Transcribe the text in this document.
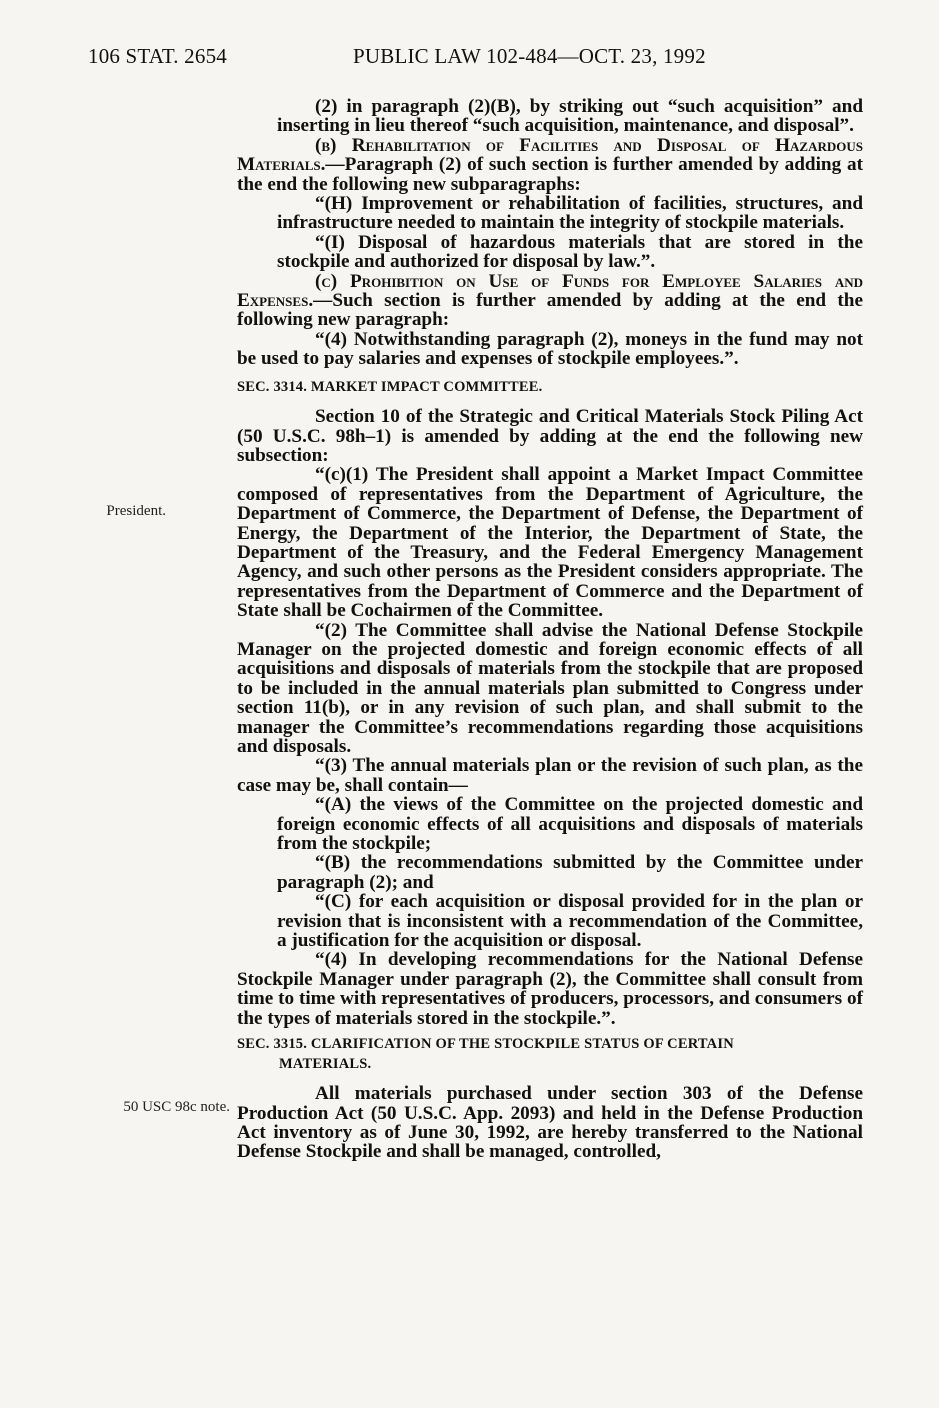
106 STAT. 2654	PUBLIC LAW 102-484—OCT. 23, 1992
President.
50 USC 98c note.

(2) in paragraph (2)(B), by striking out “such acquisition” and inserting in lieu thereof “such acquisition, maintenance, and disposal”.

(b) Rehabilitation of Facilities and Disposal of Hazardous Materials.—Paragraph (2) of such section is further amended by adding at the end the following new subparagraphs:

“(H) Improvement or rehabilitation of facilities, structures, and infrastructure needed to maintain the integrity of stockpile materials.

“(I) Disposal of hazardous materials that are stored in the stockpile and authorized for disposal by law.”.

(c) Prohibition on Use of Funds for Employee Salaries and Expenses.—Such section is further amended by adding at the end the following new paragraph:

“(4) Notwithstanding paragraph (2), moneys in the fund may not be used to pay salaries and expenses of stockpile employees.”.

SEC. 3314. MARKET IMPACT COMMITTEE.

Section 10 of the Strategic and Critical Materials Stock Piling Act (50 U.S.C. 98h–1) is amended by adding at the end the following new subsection:

“(c)(1) The President shall appoint a Market Impact Committee composed of representatives from the Department of Agriculture, the Department of Commerce, the Department of Defense, the Department of Energy, the Department of the Interior, the Department of State, the Department of the Treasury, and the Federal Emergency Management Agency, and such other persons as the President considers appropriate. The representatives from the Department of Commerce and the Department of State shall be Cochairmen of the Committee.

“(2) The Committee shall advise the National Defense Stockpile Manager on the projected domestic and foreign economic effects of all acquisitions and disposals of materials from the stockpile that are proposed to be included in the annual materials plan submitted to Congress under section 11(b), or in any revision of such plan, and shall submit to the manager the Committee’s recommendations regarding those acquisitions and disposals.

“(3) The annual materials plan or the revision of such plan, as the case may be, shall contain—

“(A) the views of the Committee on the projected domestic and foreign economic effects of all acquisitions and disposals of materials from the stockpile;

“(B) the recommendations submitted by the Committee under paragraph (2); and

“(C) for each acquisition or disposal provided for in the plan or revision that is inconsistent with a recommendation of the Committee, a justification for the acquisition or disposal.

“(4) In developing recommendations for the National Defense Stockpile Manager under paragraph (2), the Committee shall consult from time to time with representatives of producers, processors, and consumers of the types of materials stored in the stockpile.”.

SEC. 3315. CLARIFICATION OF THE STOCKPILE STATUS OF CERTAIN
MATERIALS.

All materials purchased under section 303 of the Defense Production Act (50 U.S.C. App. 2093) and held in the Defense Production Act inventory as of June 30, 1992, are hereby transferred to the National Defense Stockpile and shall be managed, controlled,
